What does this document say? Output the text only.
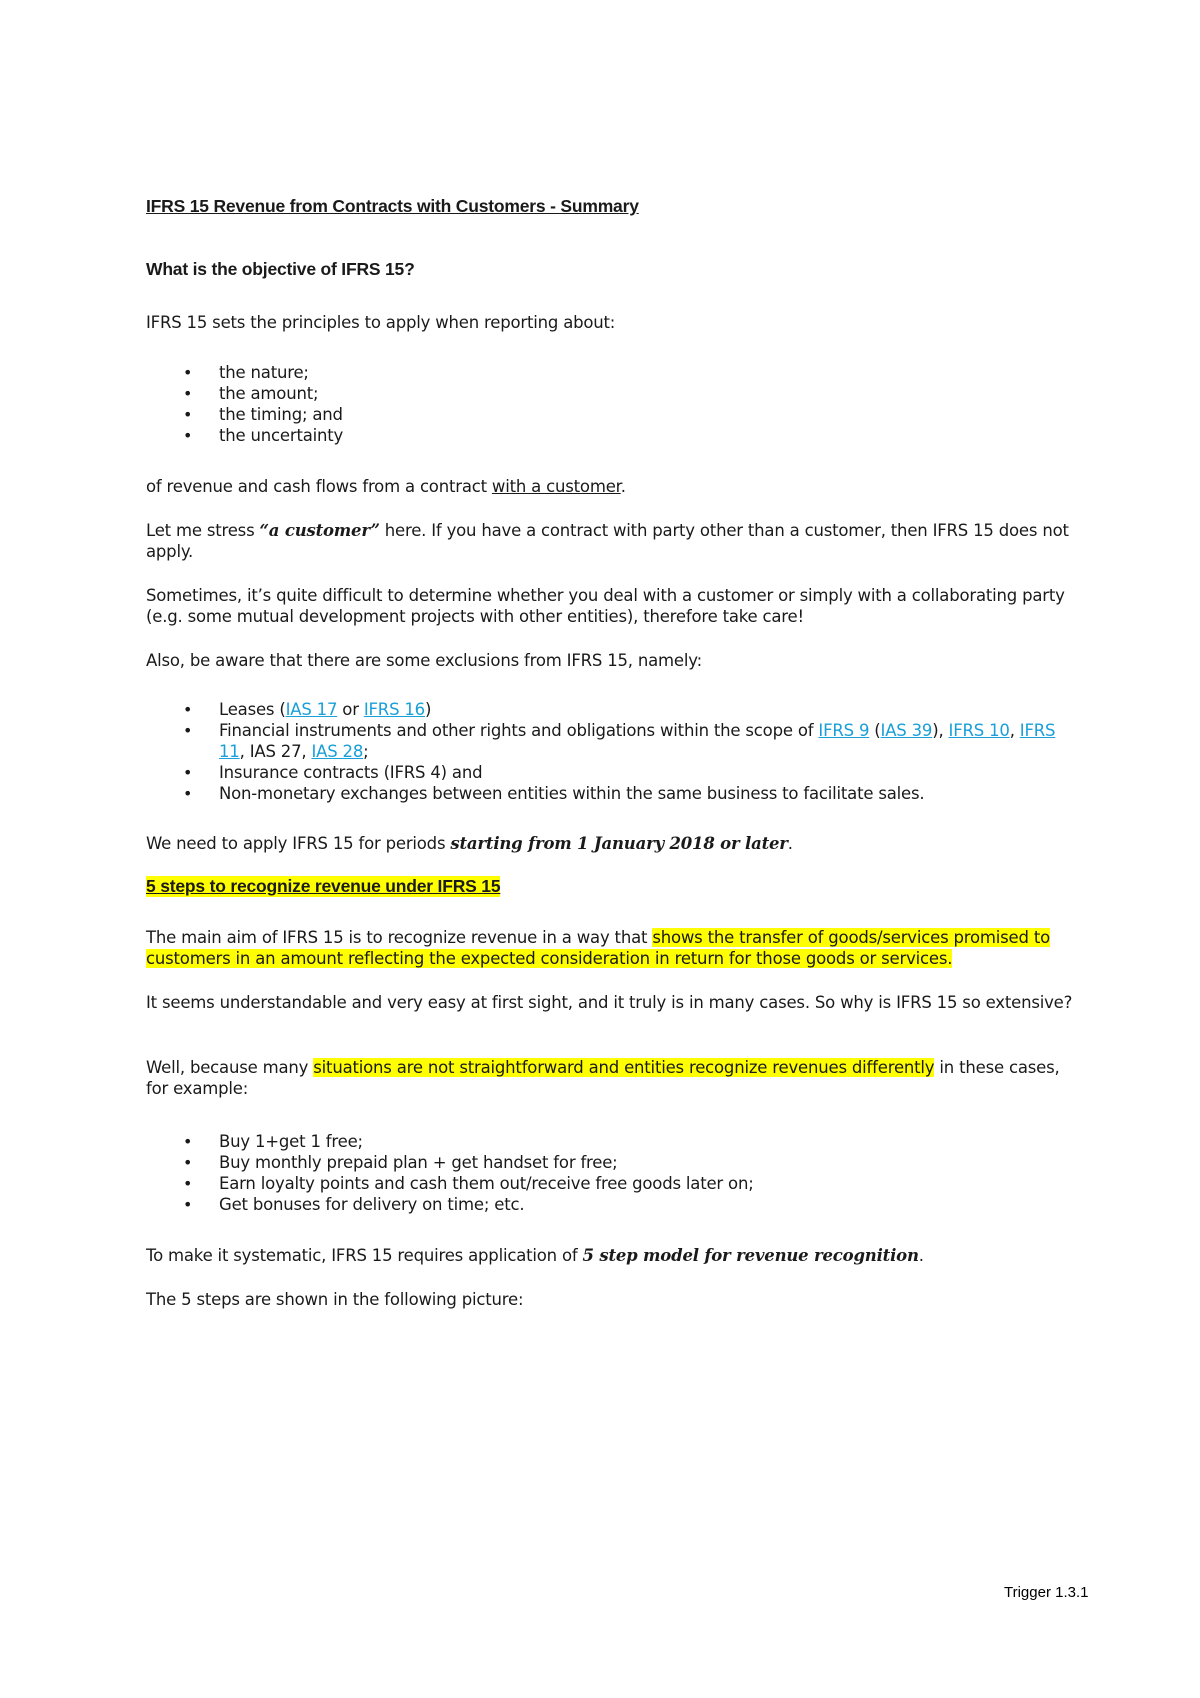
IFRS 15 Revenue from Contracts with Customers - Summary
What is the objective of IFRS 15?

IFRS 15 sets the principles to apply when reporting about:

• the nature;
• the amount;
• the timing; and
• the uncertainty

of revenue and cash flows from a contract with a customer.

Let me stress “a customer” here. If you have a contract with party other than a customer, then IFRS 15 does not apply.

Sometimes, it’s quite difficult to determine whether you deal with a customer or simply with a collaborating party (e.g. some mutual development projects with other entities), therefore take care!

Also, be aware that there are some exclusions from IFRS 15, namely:

• Leases (IAS 17 or IFRS 16)
• Financial instruments and other rights and obligations within the scope of IFRS 9 (IAS 39), IFRS 10, IFRS 11, IAS 27, IAS 28;
• Insurance contracts (IFRS 4) and
• Non-monetary exchanges between entities within the same business to facilitate sales.

We need to apply IFRS 15 for periods starting from 1 January 2018 or later.

5 steps to recognize revenue under IFRS 15

The main aim of IFRS 15 is to recognize revenue in a way that shows the transfer of goods/services promised to customers in an amount reflecting the expected consideration in return for those goods or services.

It seems understandable and very easy at first sight, and it truly is in many cases. So why is IFRS 15 so extensive?

Well, because many situations are not straightforward and entities recognize revenues differently in these cases, for example:

• Buy 1+get 1 free;
• Buy monthly prepaid plan + get handset for free;
• Earn loyalty points and cash them out/receive free goods later on;
• Get bonuses for delivery on time; etc.

To make it systematic, IFRS 15 requires application of 5 step model for revenue recognition.

The 5 steps are shown in the following picture:

Trigger 1.3.1
